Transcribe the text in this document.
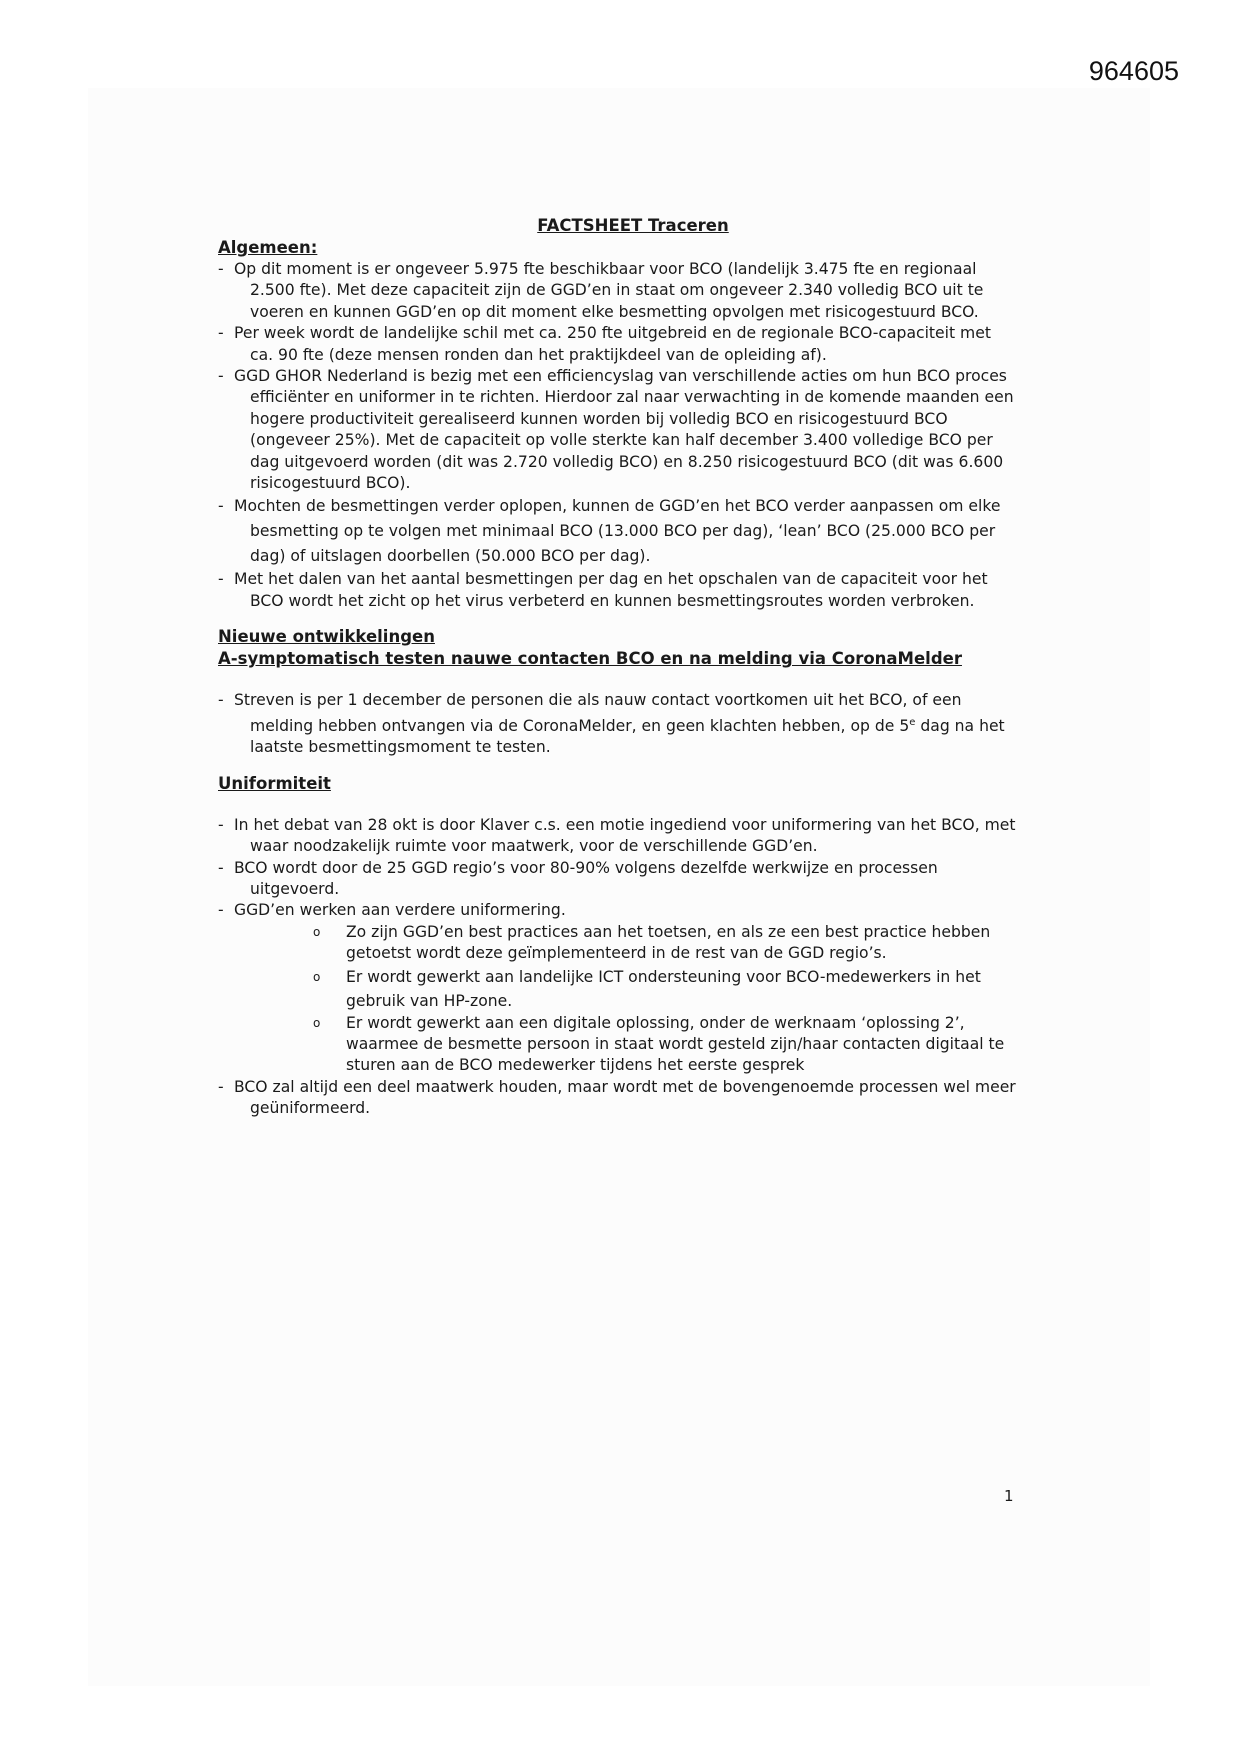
964605

FACTSHEET Traceren

Algemeen:

- Op dit moment is er ongeveer 5.975 fte beschikbaar voor BCO (landelijk 3.475 fte en regionaal 2.500 fte). Met deze capaciteit zijn de GGD’en in staat om ongeveer 2.340 volledig BCO uit te voeren en kunnen GGD’en op dit moment elke besmetting opvolgen met risicogestuurd BCO.
- Per week wordt de landelijke schil met ca. 250 fte uitgebreid en de regionale BCO-capaciteit met ca. 90 fte (deze mensen ronden dan het praktijkdeel van de opleiding af).
- GGD GHOR Nederland is bezig met een efficiencyslag van verschillende acties om hun BCO proces efficiënter en uniformer in te richten. Hierdoor zal naar verwachting in de komende maanden een hogere productiviteit gerealiseerd kunnen worden bij volledig BCO en risicogestuurd BCO (ongeveer 25%). Met de capaciteit op volle sterkte kan half december 3.400 volledige BCO per dag uitgevoerd worden (dit was 2.720 volledig BCO) en 8.250 risicogestuurd BCO (dit was 6.600 risicogestuurd BCO).
- Mochten de besmettingen verder oplopen, kunnen de GGD’en het BCO verder aanpassen om elke besmetting op te volgen met minimaal BCO (13.000 BCO per dag), ‘lean’ BCO (25.000 BCO per dag) of uitslagen doorbellen (50.000 BCO per dag).
- Met het dalen van het aantal besmettingen per dag en het opschalen van de capaciteit voor het BCO wordt het zicht op het virus verbeterd en kunnen besmettingsroutes worden verbroken.

Nieuwe ontwikkelingen

A-symptomatisch testen nauwe contacten BCO en na melding via CoronaMelder

- Streven is per 1 december de personen die als nauw contact voortkomen uit het BCO, of een melding hebben ontvangen via de CoronaMelder, en geen klachten hebben, op de 5e dag na het laatste besmettingsmoment te testen.

Uniformiteit

- In het debat van 28 okt is door Klaver c.s. een motie ingediend voor uniformering van het BCO, met waar noodzakelijk ruimte voor maatwerk, voor de verschillende GGD’en.
- BCO wordt door de 25 GGD regio’s voor 80-90% volgens dezelfde werkwijze en processen uitgevoerd.
- GGD’en werken aan verdere uniformering.
o Zo zijn GGD’en best practices aan het toetsen, en als ze een best practice hebben getoetst wordt deze geïmplementeerd in de rest van de GGD regio’s.
o Er wordt gewerkt aan landelijke ICT ondersteuning voor BCO-medewerkers in het gebruik van HP-zone.
o Er wordt gewerkt aan een digitale oplossing, onder de werknaam ‘oplossing 2’, waarmee de besmette persoon in staat wordt gesteld zijn/haar contacten digitaal te sturen aan de BCO medewerker tijdens het eerste gesprek
- BCO zal altijd een deel maatwerk houden, maar wordt met de bovengenoemde processen wel meer geüniformeerd.
1
